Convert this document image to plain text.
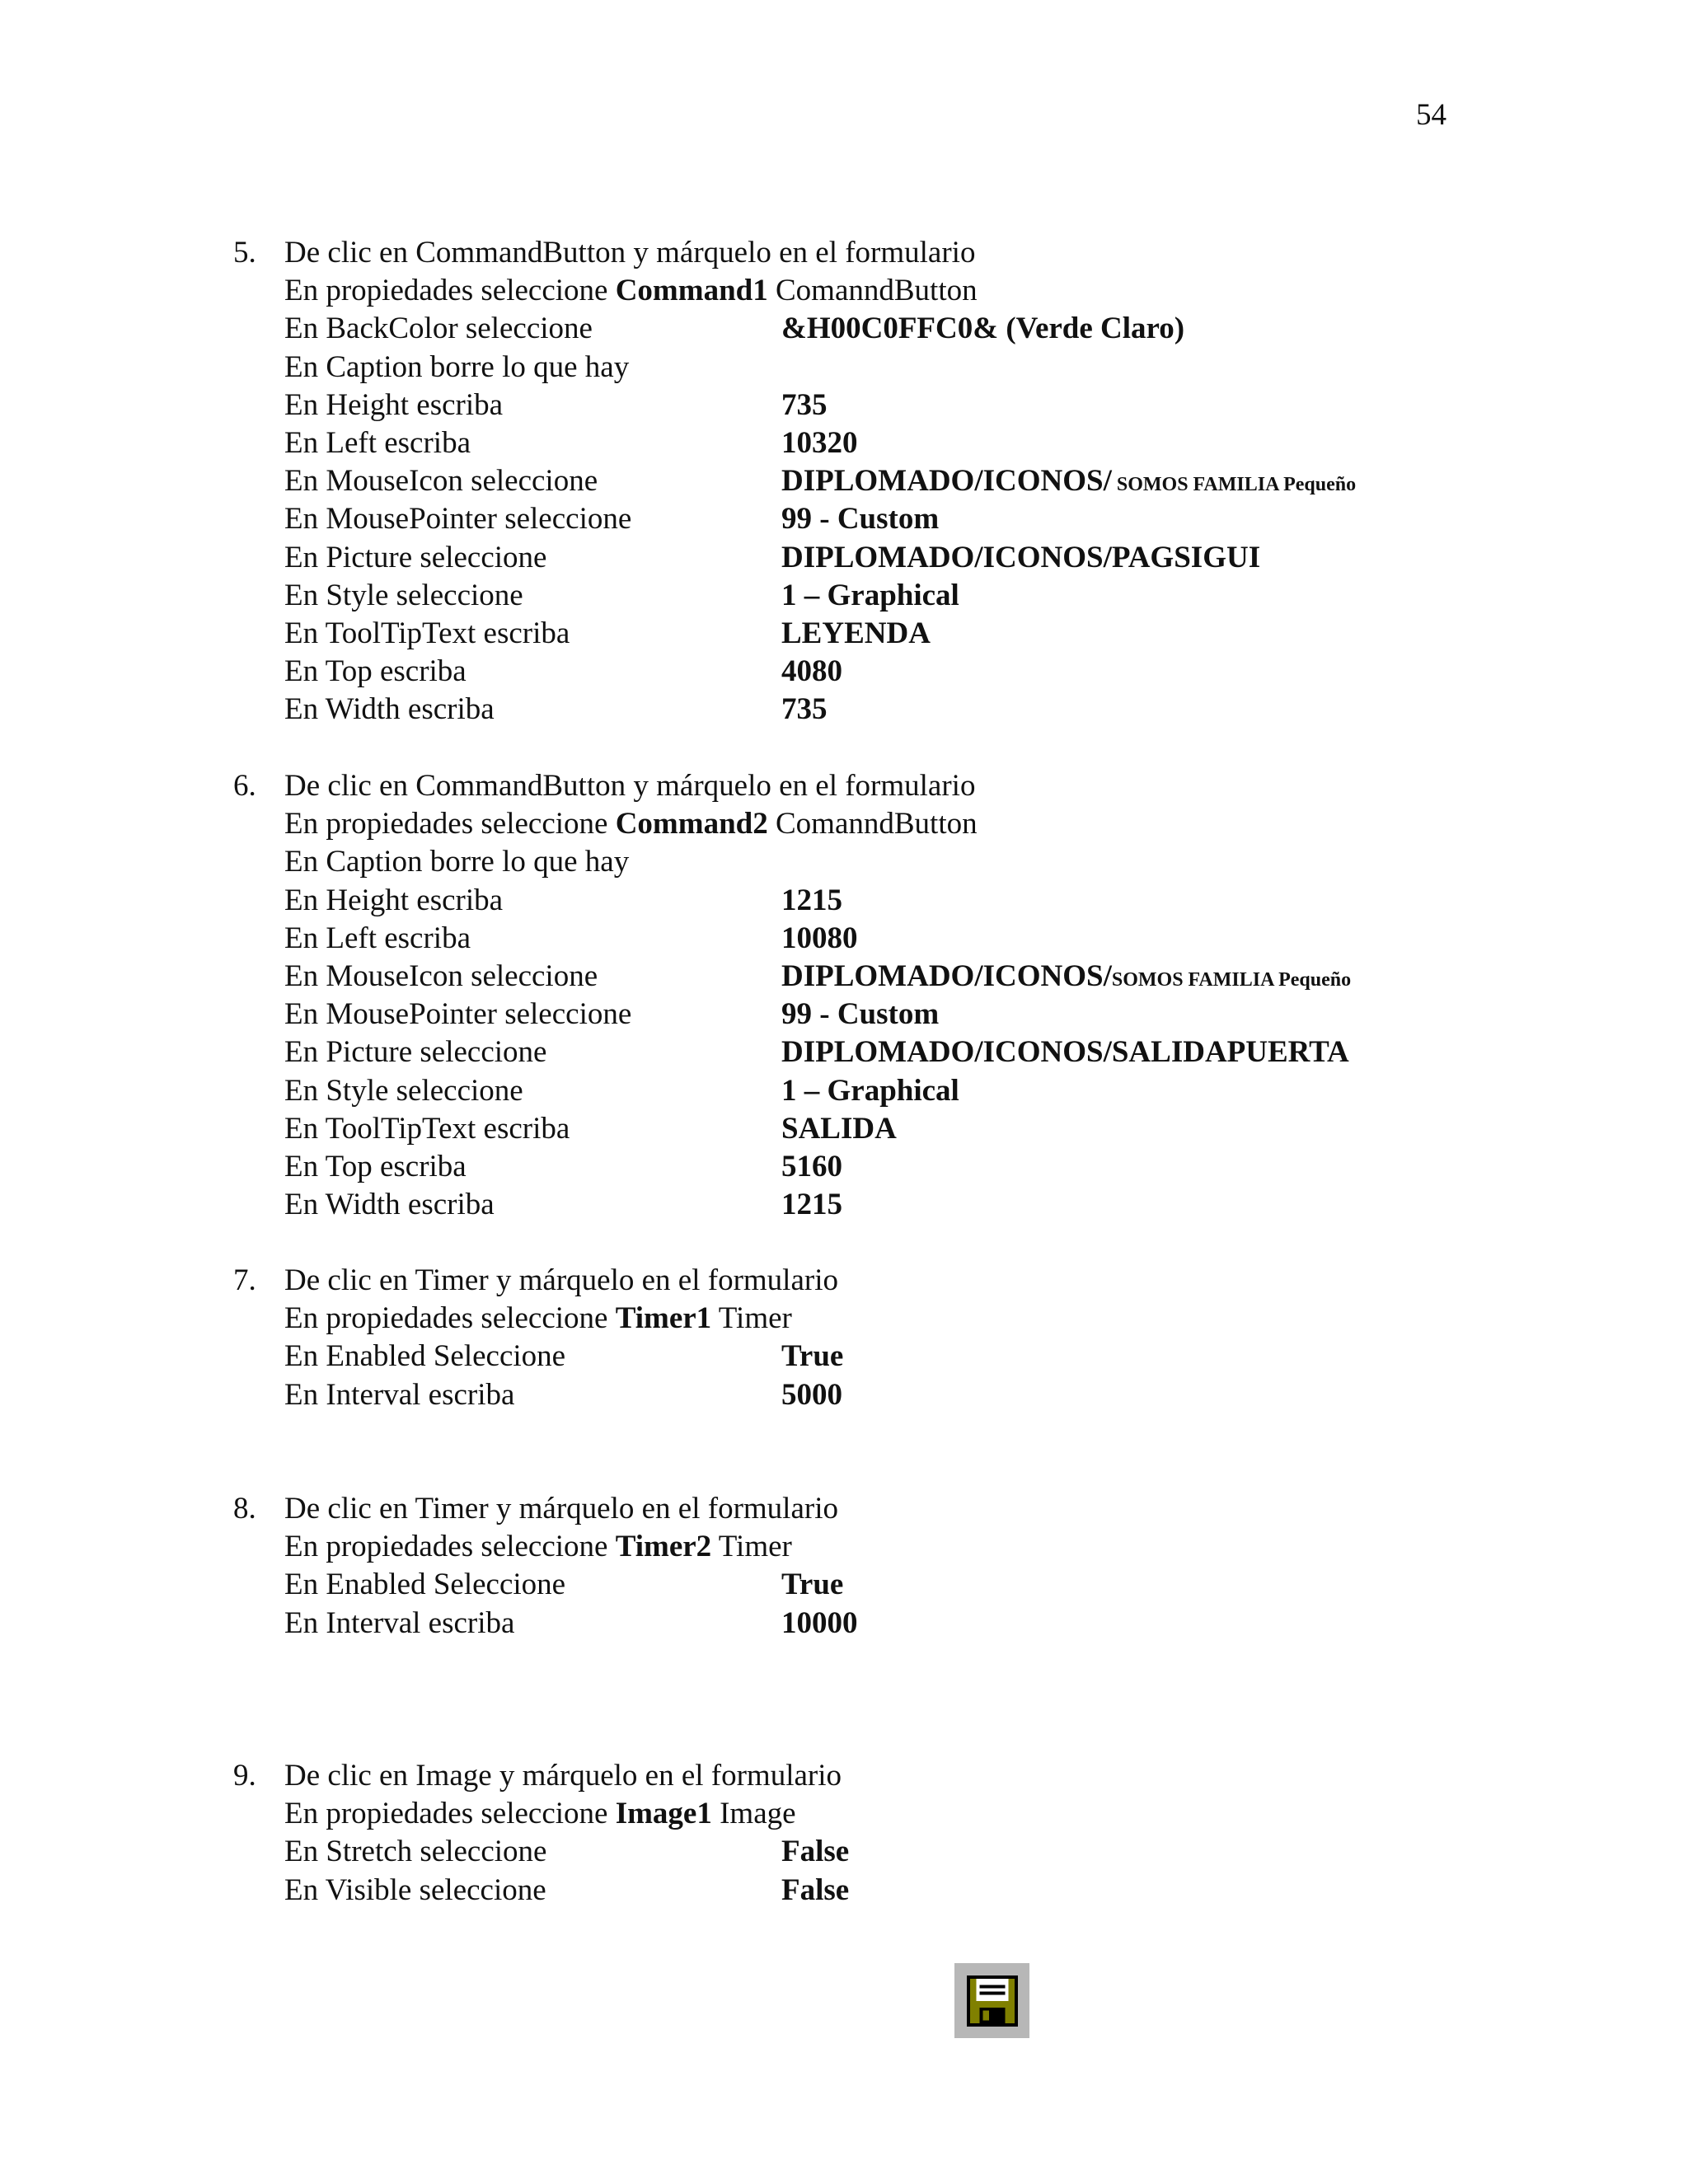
54
5. De clic en CommandButton y márquelo en el formulario
En propiedades seleccione Command1 ComanndButton
En BackColor seleccione	&H00C0FFC0& (Verde Claro)
En Caption borre lo que hay
En Height escriba	735
En Left escriba	10320
En MouseIcon seleccione	DIPLOMADO/ICONOS/ SOMOS FAMILIA Pequeño
En MousePointer seleccione	99 - Custom
En Picture seleccione	DIPLOMADO/ICONOS/PAGSIGUI
En Style seleccione	1 – Graphical
En ToolTipText escriba	LEYENDA
En Top escriba	4080
En Width escriba	735
6. De clic en CommandButton y márquelo en el formulario
En propiedades seleccione Command2 ComanndButton
En Caption borre lo que hay
En Height escriba	1215
En Left escriba	10080
En MouseIcon seleccione	DIPLOMADO/ICONOS/SOMOS FAMILIA Pequeño
En MousePointer seleccione	99 - Custom
En Picture seleccione	DIPLOMADO/ICONOS/SALIDAPUERTA
En Style seleccione	1 – Graphical
En ToolTipText escriba	SALIDA
En Top escriba	5160
En Width escriba	1215
7. De clic en Timer y márquelo en el formulario
En propiedades seleccione Timer1 Timer
En Enabled Seleccione	True
En Interval escriba	5000
8. De clic en Timer y márquelo en el formulario
En propiedades seleccione Timer2 Timer
En Enabled Seleccione	True
En Interval escriba	10000
9. De clic en Image y márquelo en el formulario
En propiedades seleccione Image1 Image
En Stretch seleccione	False
En Visible seleccione	False
